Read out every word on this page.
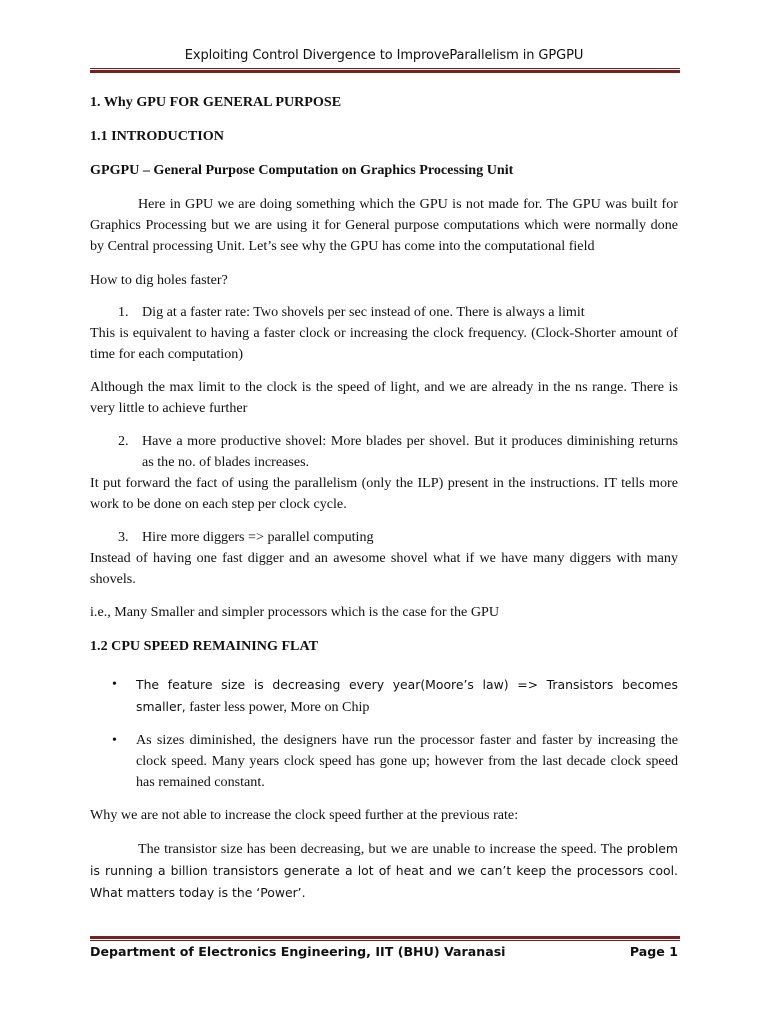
Exploiting Control Divergence to ImproveParallelism in GPGPU

1. Why GPU FOR GENERAL PURPOSE

1.1 INTRODUCTION

GPGPU – General Purpose Computation on Graphics Processing Unit

Here in GPU we are doing something which the GPU is not made for. The GPU was built for Graphics Processing but we are using it for General purpose computations which were normally done by Central processing Unit. Let’s see why the GPU has come into the computational field

How to dig holes faster?

1. Dig at a faster rate: Two shovels per sec instead of one. There is always a limit

This is equivalent to having a faster clock or increasing the clock frequency. (Clock-Shorter amount of time for each computation)

Although the max limit to the clock is the speed of light, and we are already in the ns range. There is very little to achieve further

2. Have a more productive shovel: More blades per shovel. But it produces diminishing returns as the no. of blades increases.

It put forward the fact of using the parallelism (only the ILP) present in the instructions. IT tells more work to be done on each step per clock cycle.

3. Hire more diggers => parallel computing

Instead of having one fast digger and an awesome shovel what if we have many diggers with many shovels.

i.e., Many Smaller and simpler processors which is the case for the GPU

1.2 CPU SPEED REMAINING FLAT

•	The feature size is decreasing every year(Moore’s law) => Transistors becomes smaller, faster less power, More on Chip
•	As sizes diminished, the designers have run the processor faster and faster by increasing the clock speed. Many years clock speed has gone up; however from the last decade clock speed has remained constant.

Why we are not able to increase the clock speed further at the previous rate:

The transistor size has been decreasing, but we are unable to increase the speed. The problem is running a billion transistors generate a lot of heat and we can’t keep the processors cool. What matters today is the ‘Power’.

Department of Electronics Engineering, IIT (BHU) Varanasi	Page 1
